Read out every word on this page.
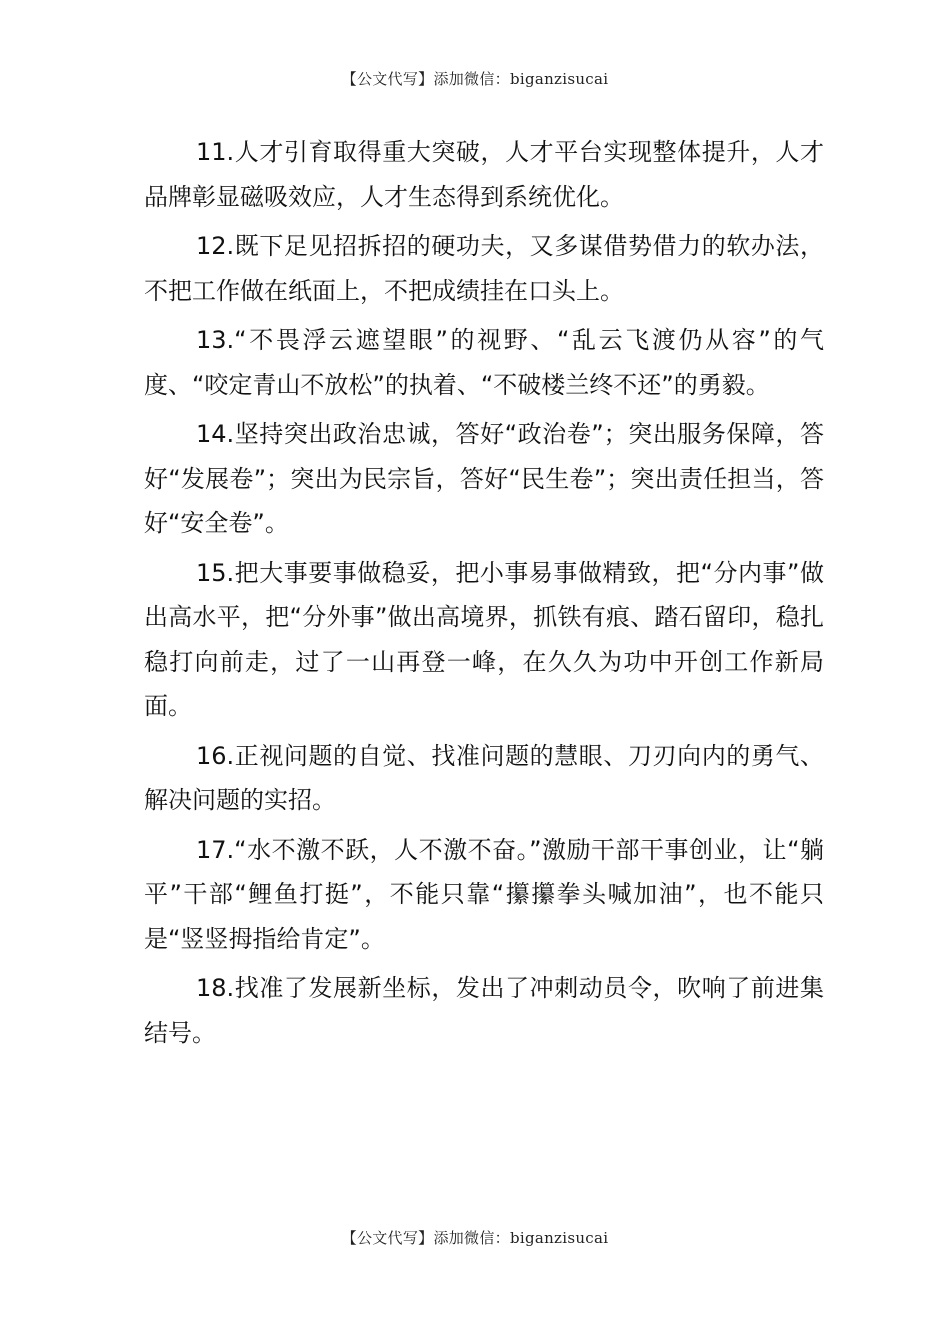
【公文代写】添加微信：biganzisucai

11.人才引育取得重大突破，人才平台实现整体提升，人才品牌彰显磁吸效应，人才生态得到系统优化。

12.既下足见招拆招的硬功夫，又多谋借势借力的软办法，不把工作做在纸面上，不把成绩挂在口头上。

13.“不畏浮云遮望眼”的视野、“乱云飞渡仍从容”的气度、“咬定青山不放松”的执着、“不破楼兰终不还”的勇毅。

14.坚持突出政治忠诚，答好“政治卷”；突出服务保障，答好“发展卷”；突出为民宗旨，答好“民生卷”；突出责任担当，答好“安全卷”。

15.把大事要事做稳妥，把小事易事做精致，把“分内事”做出高水平，把“分外事”做出高境界，抓铁有痕、踏石留印，稳扎稳打向前走，过了一山再登一峰，在久久为功中开创工作新局面。

16.正视问题的自觉、找准问题的慧眼、刀刃向内的勇气、解决问题的实招。

17.“水不激不跃，人不激不奋。”激励干部干事创业，让“躺平”干部“鲤鱼打挺”，不能只靠“攥攥拳头喊加油”，也不能只是“竖竖拇指给肯定”。

18.找准了发展新坐标，发出了冲刺动员令，吹响了前进集结号。

【公文代写】添加微信：biganzisucai
